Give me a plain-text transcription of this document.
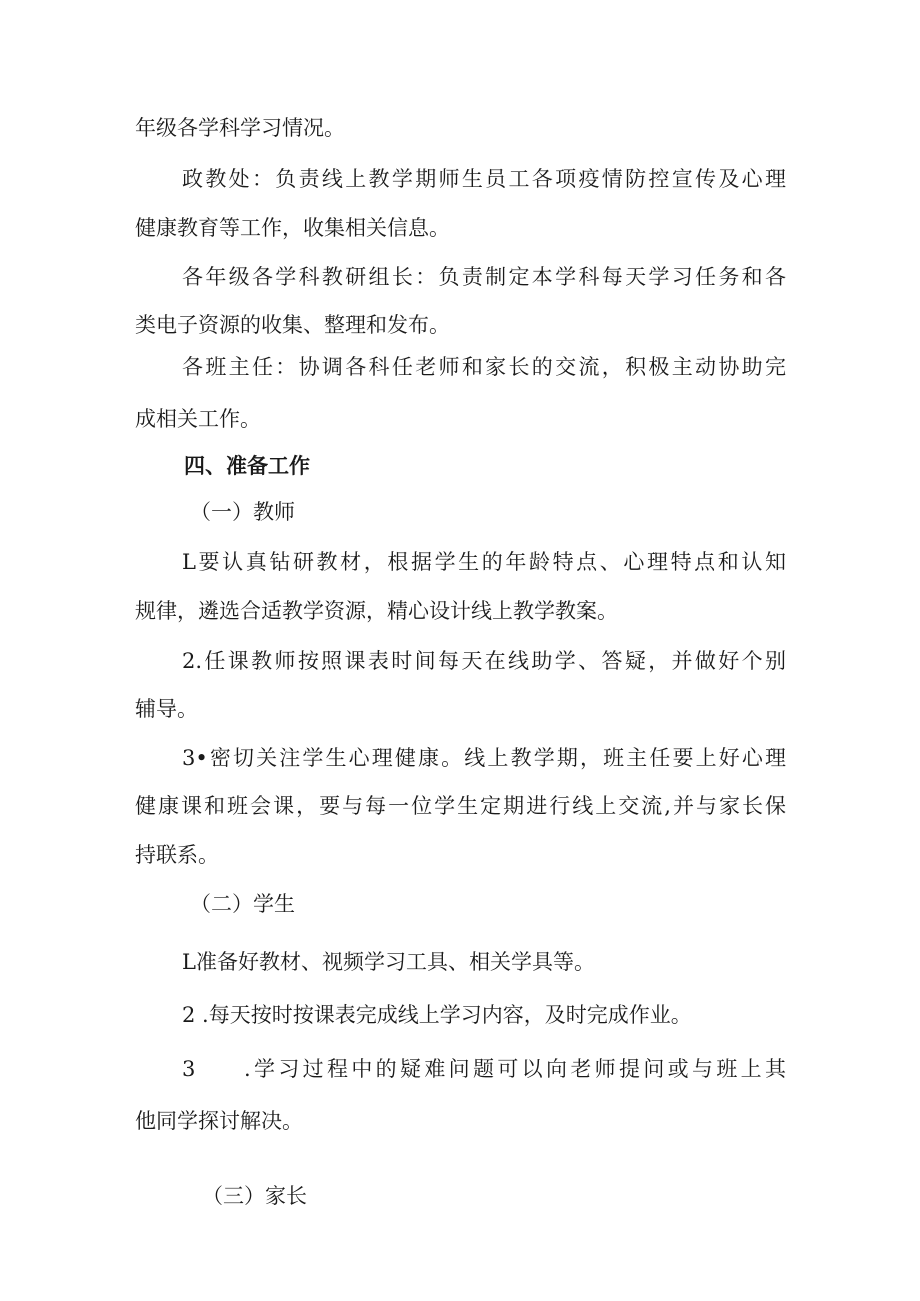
年级各学科学习情况。

政教处：负责线上教学期师生员工各项疫情防控宣传及心理

健康教育等工作，收集相关信息。

各年级各学科教研组长：负责制定本学科每天学习任务和各

类电子资源的收集、整理和发布。

各班主任：协调各科任老师和家长的交流，积极主动协助完

成相关工作。

四、准备工作

（一）教师

L要认真钻研教材，根据学生的年龄特点、心理特点和认知

规律，遴选合适教学资源，精心设计线上教学教案。

2.任课教师按照课表时间每天在线助学、答疑，并做好个别

辅导。

3•密切关注学生心理健康。线上教学期，班主任要上好心理

健康课和班会课，要与每一位学生定期进行线上交流,并与家长保

持联系。

（二）学生

L准备好教材、视频学习工具、相关学具等。

2 .每天按时按课表完成线上学习内容，及时完成作业。

3	.学习过程中的疑难问题可以向老师提问或与班上其

他同学探讨解决。

（三）家长
